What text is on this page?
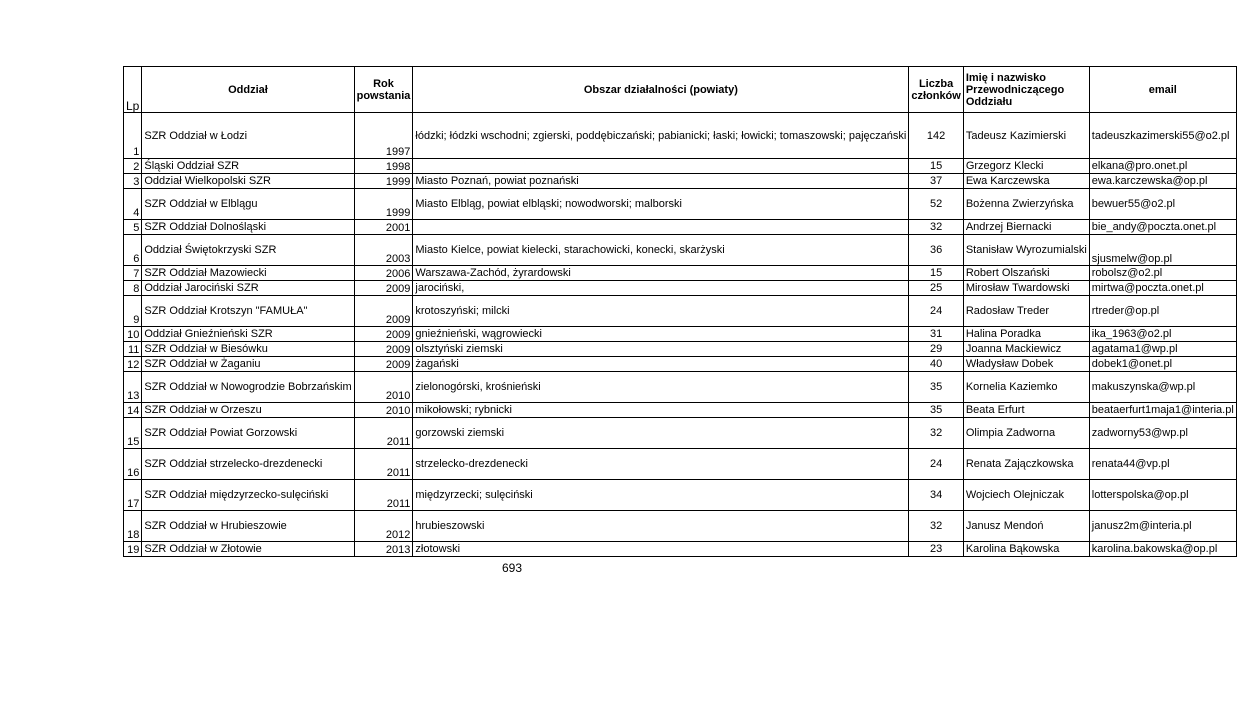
Lp	Oddział	Rok powstania	Obszar działalności (powiaty)	Liczba członków	Imię i nazwisko Przewodniczącego Oddziału	email
1	SZR Oddział w Łodzi	1997	łódzki; łódzki wschodni; zgierski, poddębiczański; pabianicki; łaski; łowicki; tomaszowski; pajęczański	142	Tadeusz Kazimierski	tadeuszkazimerski55@o2.pl
2	Śląski Oddział SZR	1998		15	Grzegorz Klecki	elkana@pro.onet.pl
3	Oddział Wielkopolski SZR	1999	Miasto Poznań, powiat poznański	37	Ewa Karczewska	ewa.karczewska@op.pl
4	SZR Oddział w Elblągu	1999	Miasto Elbląg, powiat elbląski; nowodworski; malborski	52	Bożenna Zwierzyńska	bewuer55@o2.pl
5	SZR Oddział Dolnośląski	2001		32	Andrzej Biernacki	bie_andy@poczta.onet.pl
6	Oddział Świętokrzyski SZR	2003	Miasto Kielce, powiat kielecki, starachowicki, konecki, skarżyski	36	Stanisław Wyrozumialski	sjusmelw@op.pl
7	SZR Oddział Mazowiecki	2006	Warszawa-Zachód, żyrardowski	15	Robert Olszański	robolsz@o2.pl
8	Oddział Jarociński SZR	2009	jarociński,	25	Mirosław Twardowski	mirtwa@poczta.onet.pl
9	SZR Oddział Krotszyn "FAMUŁA"	2009	krotoszyński; milcki	24	Radosław Treder	rtreder@op.pl
10	Oddział Gnieźnieński SZR	2009	gnieźnieński, wągrowiecki	31	Halina Poradka	ika_1963@o2.pl
11	SZR Oddział w Biesówku	2009	olsztyński ziemski	29	Joanna Mackiewicz	agatama1@wp.pl
12	SZR Oddział w Żaganiu	2009	żagański	40	Władysław Dobek	dobek1@onet.pl
13	SZR Oddział w Nowogrodzie Bobrzańskim	2010	zielonogórski, krośnieński	35	Kornelia Kaziemko	makuszynska@wp.pl
14	SZR Oddział w Orzeszu	2010	mikołowski; rybnicki	35	Beata Erfurt	beataerfurt1maja1@interia.pl
15	SZR Oddział Powiat Gorzowski	2011	gorzowski ziemski	32	Olimpia Zadworna	zadworny53@wp.pl
16	SZR Oddział strzelecko-drezdenecki	2011	strzelecko-drezdenecki	24	Renata Zajączkowska	renata44@vp.pl
17	SZR Oddział międzyrzecko-sulęciński	2011	międzyrzecki; sulęciński	34	Wojciech Olejniczak	lotterspolska@op.pl
18	SZR Oddział w Hrubieszowie	2012	hrubieszowski	32	Janusz Mendoń	janusz2m@interia.pl
19	SZR Oddział w Złotowie	2013	złotowski	23	Karolina Bąkowska	karolina.bakowska@op.pl
693
